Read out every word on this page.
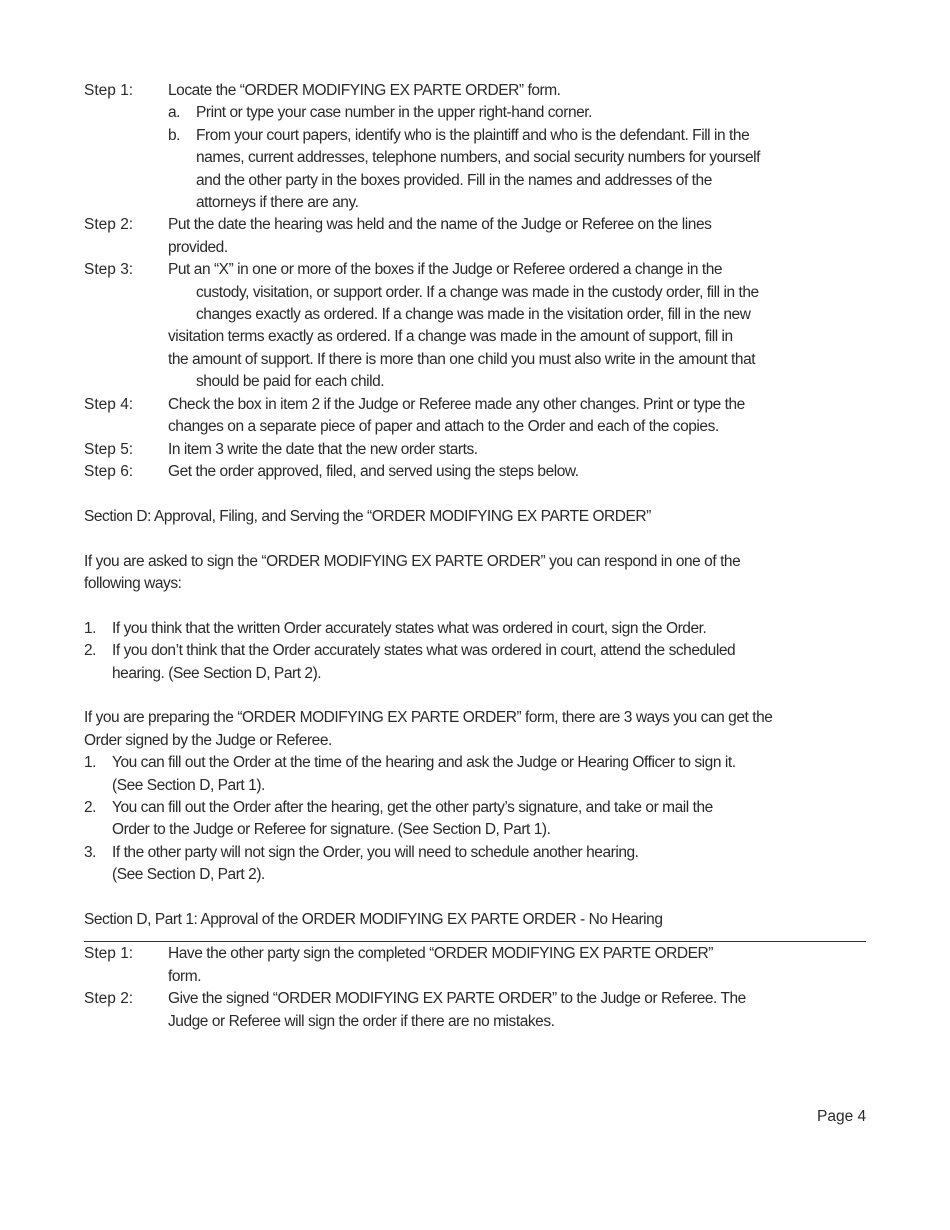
Step 1:	Locate the “ORDER MODIFYING EX PARTE ORDER” form.
a.	Print or type your case number in the upper right-hand corner.
b.	From your court papers, identify who is the plaintiff and who is the defendant. Fill in the
names, current addresses, telephone numbers, and social security numbers for yourself
and the other party in the boxes provided. Fill in the names and addresses of the
attorneys if there are any.
Step 2:	Put the date the hearing was held and the name of the Judge or Referee on the lines
provided.
Step 3:	Put an “X” in one or more of the boxes if the Judge or Referee ordered a change in the
custody, visitation, or support order. If a change was made in the custody order, fill in the
changes exactly as ordered. If a change was made in the visitation order, fill in the new
visitation terms exactly as ordered. If a change was made in the amount of support, fill in
the amount of support. If there is more than one child you must also write in the amount that
should be paid for each child.
Step 4:	Check the box in item 2 if the Judge or Referee made any other changes. Print or type the
changes on a separate piece of paper and attach to the Order and each of the copies.
Step 5:	In item 3 write the date that the new order starts.
Step 6:	Get the order approved, filed, and served using the steps below.
Section D: Approval, Filing, and Serving the “ORDER MODIFYING EX PARTE ORDER”
If you are asked to sign the “ORDER MODIFYING EX PARTE ORDER” you can respond in one of the
following ways:
1.	If you think that the written Order accurately states what was ordered in court, sign the Order.
2.	If you don’t think that the Order accurately states what was ordered in court, attend the scheduled
hearing. (See Section D, Part 2).
If you are preparing the “ORDER MODIFYING EX PARTE ORDER” form, there are 3 ways you can get the
Order signed by the Judge or Referee.
1.	You can fill out the Order at the time of the hearing and ask the Judge or Hearing Officer to sign it.
(See Section D, Part 1).
2.	You can fill out the Order after the hearing, get the other party’s signature, and take or mail the
Order to the Judge or Referee for signature. (See Section D, Part 1).
3.	If the other party will not sign the Order, you will need to schedule another hearing.
(See Section D, Part 2).
Section D, Part 1: Approval of the ORDER MODIFYING EX PARTE ORDER - No Hearing
Step 1:	Have the other party sign the completed “ORDER MODIFYING EX PARTE ORDER”
form.
Step 2:	Give the signed “ORDER MODIFYING EX PARTE ORDER” to the Judge or Referee. The
Judge or Referee will sign the order if there are no mistakes.
Page 4
